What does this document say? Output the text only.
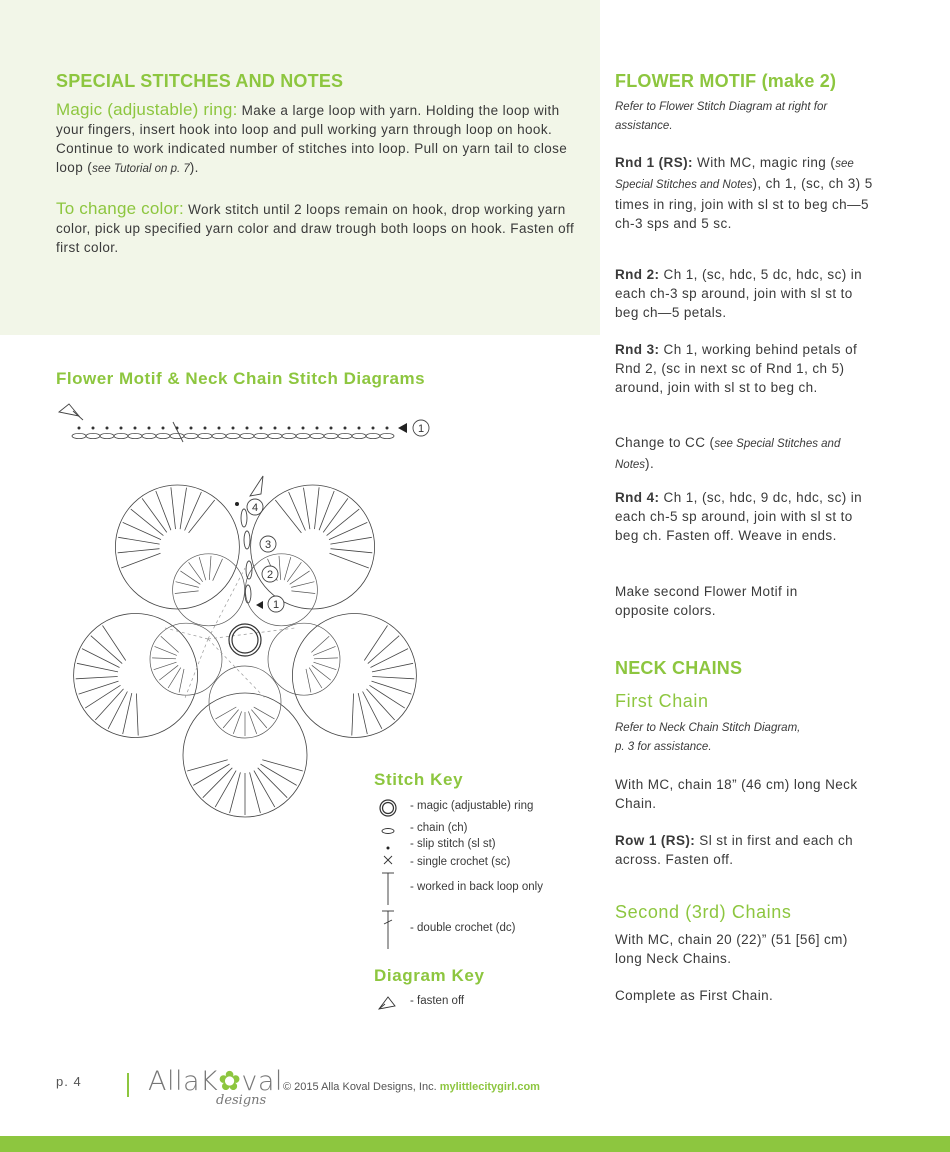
SPECIAL STITCHES AND NOTES

Magic (adjustable) ring: Make a large loop with yarn. Holding the loop with your fingers, insert hook into loop and pull working yarn through loop on hook. Continue to work indicated number of stitches into loop. Pull on yarn tail to close loop (see Tutorial on p. 7).

To change color: Work stitch until 2 loops remain on hook, drop working yarn color, pick up specified yarn color and draw trough both loops on hook. Fasten off first color.

Flower Motif & Neck Chain Stitch Diagrams
1
4
3
2
1
Stitch Key
- magic (adjustable) ring
- chain (ch)
- slip stitch (sl st)
- single crochet (sc)
- worked in back loop only
- double crochet (dc)
Diagram Key
- fasten off
FLOWER MOTIF (make 2)

Refer to Flower Stitch Diagram at right for assistance.

Rnd 1 (RS): With MC, magic ring (see Special Stitches and Notes), ch 1, (sc, ch 3) 5 times in ring, join with sl st to beg ch—5 ch-3 sps and 5 sc.

Rnd 2: Ch 1, (sc, hdc, 5 dc, hdc, sc) in each ch-3 sp around, join with sl st to beg ch—5 petals.

Rnd 3: Ch 1, working behind petals of Rnd 2, (sc in next sc of Rnd 1, ch 5) around, join with sl st to beg ch.

Change to CC (see Special Stitches and Notes).

Rnd 4: Ch 1, (sc, hdc, 9 dc, hdc, sc) in each ch-5 sp around, join with sl st to beg ch. Fasten off. Weave in ends.

Make second Flower Motif in opposite colors.

NECK CHAINS
First Chain

Refer to Neck Chain Stitch Diagram,
p. 3 for assistance.

With MC, chain 18” (46 cm) long Neck Chain.

Row 1 (RS): Sl st in first and each ch across. Fasten off.

Second (3rd) Chains

With MC, chain 20 (22)” (51 [56] cm) long Neck Chains.

Complete as First Chain.

p. 4 AllaK✿val
designs
© 2015 Alla Koval Designs, Inc. mylittlecitygirl.com
